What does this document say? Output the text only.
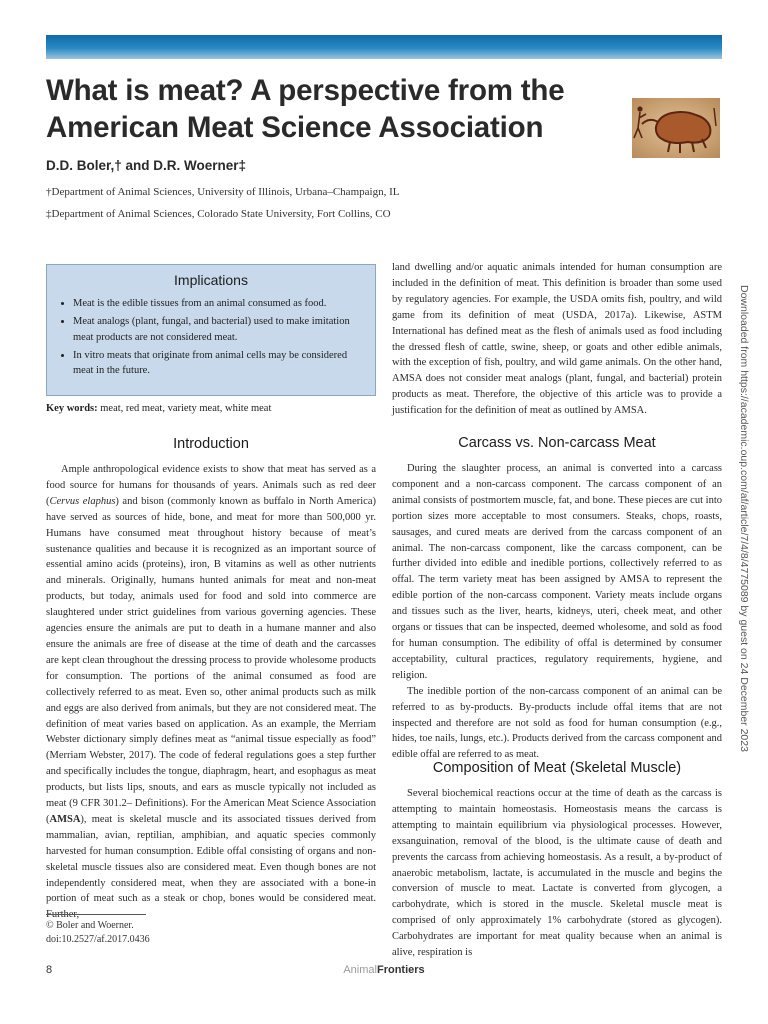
What is meat? A perspective from the
American Meat Science Association

D.D. Boler,† and D.R. Woerner‡

†Department of Animal Sciences, University of Illinois, Urbana–Champaign, IL

‡Department of Animal Sciences, Colorado State University, Fort Collins, CO

Implications
• Meat is the edible tissues from an animal consumed as food.
• Meat analogs (plant, fungal, and bacterial) used to make imitation meat products are not considered meat.
• In vitro meats that originate from animal cells may be considered meat in the future.
Key words: meat, red meat, variety meat, white meat
Introduction

Ample anthropological evidence exists to show that meat has served as a food source for humans for thousands of years. Animals such as red deer (Cervus elaphus) and bison (commonly known as buffalo in North America) have served as sources of hide, bone, and meat for more than 500,000 yr. Humans have consumed meat throughout history because of meat’s sustenance qualities and because it is recognized as an important source of essential amino acids (proteins), iron, B vitamins as well as other nutrients and minerals. Originally, humans hunted animals for meat and non-meat products, but today, animals used for food and sold into commerce are slaughtered under strict guidelines from various governing agencies. These agencies ensure the animals are put to death in a humane manner and also ensure the animals are free of disease at the time of death and the carcasses are kept clean throughout the dressing process to provide wholesome products for consumption. The portions of the animal consumed as food are collectively referred to as meat. Even so, other animal products such as milk and eggs are also derived from animals, but they are not considered meat. The definition of meat varies based on application. As an example, the Merriam Webster dictionary simply defines meat as “animal tissue especially as food” (Merriam Webster, 2017). The code of federal regulations goes a step further and specifically includes the tongue, diaphragm, heart, and esophagus as meat products, but lists lips, snouts, and ears as muscle typically not included as meat (9 CFR 301.2– Definitions). For the American Meat Science Association (AMSA), meat is skeletal muscle and its associated tissues derived from mammalian, avian, reptilian, amphibian, and aquatic species commonly harvested for human consumption. Edible offal consisting of organs and non-skeletal muscle tissues also are considered meat. Even though bones are not independently considered meat, when they are associated with a bone-in portion of meat such as a steak or chop, bones would be considered meat. Further,

land dwelling and/or aquatic animals intended for human consumption are included in the definition of meat. This definition is broader than some used by regulatory agencies. For example, the USDA omits fish, poultry, and wild game from its definition of meat (USDA, 2017a). Likewise, ASTM International has defined meat as the flesh of animals used as food including the dressed flesh of cattle, swine, sheep, or goats and other edible animals, with the exception of fish, poultry, and wild game animals. On the other hand, AMSA does not consider meat analogs (plant, fungal, and bacterial) protein products as meat. Therefore, the objective of this article was to provide a justification for the definition of meat as outlined by AMSA.

Carcass vs. Non-carcass Meat

During the slaughter process, an animal is converted into a carcass component and a non-carcass component. The carcass component of an animal consists of postmortem muscle, fat, and bone. These pieces are cut into portion sizes more acceptable to most consumers. Steaks, chops, roasts, sausages, and cured meats are derived from the carcass component of an animal. The non-carcass component, like the carcass component, can be further divided into edible and inedible portions, collectively referred to as offal. The term variety meat has been assigned by AMSA to represent the edible portion of the non-carcass component. Variety meats include organs and tissues such as the liver, hearts, kidneys, uteri, cheek meat, and other organs or tissues that can be inspected, deemed wholesome, and sold as food for human consumption. The edibility of offal is determined by consumer acceptability, cultural practices, regulatory requirements, hygiene, and religion.

The inedible portion of the non-carcass component of an animal can be referred to as by-products. By-products include offal items that are not inspected and therefore are not sold as food for human consumption (e.g., hides, toe nails, lungs, etc.). Products derived from the carcass component and edible offal are referred to as meat.

Composition of Meat (Skeletal Muscle)

Several biochemical reactions occur at the time of death as the carcass is attempting to maintain homeostasis. Homeostasis means the carcass is attempting to maintain equilibrium via physiological processes. However, exsanguination, removal of the blood, is the ultimate cause of death and prevents the carcass from achieving homeostasis. As a result, a by-product of anaerobic metabolism, lactate, is accumulated in the muscle and begins the conversion of muscle to meat. Lactate is converted from glycogen, a carbohydrate, which is stored in the muscle. Skeletal muscle meat is comprised of only approximately 1% carbohydrate (stored as glycogen). Carbohydrates are important for meat quality because when an animal is alive, respiration is

© Boler and Woerner.
doi:10.2527/af.2017.0436
8	AnimalFrontiers
Downloaded from https://academic.oup.com/af/article/7/4/8/4775089 by guest on 24 December 2023
